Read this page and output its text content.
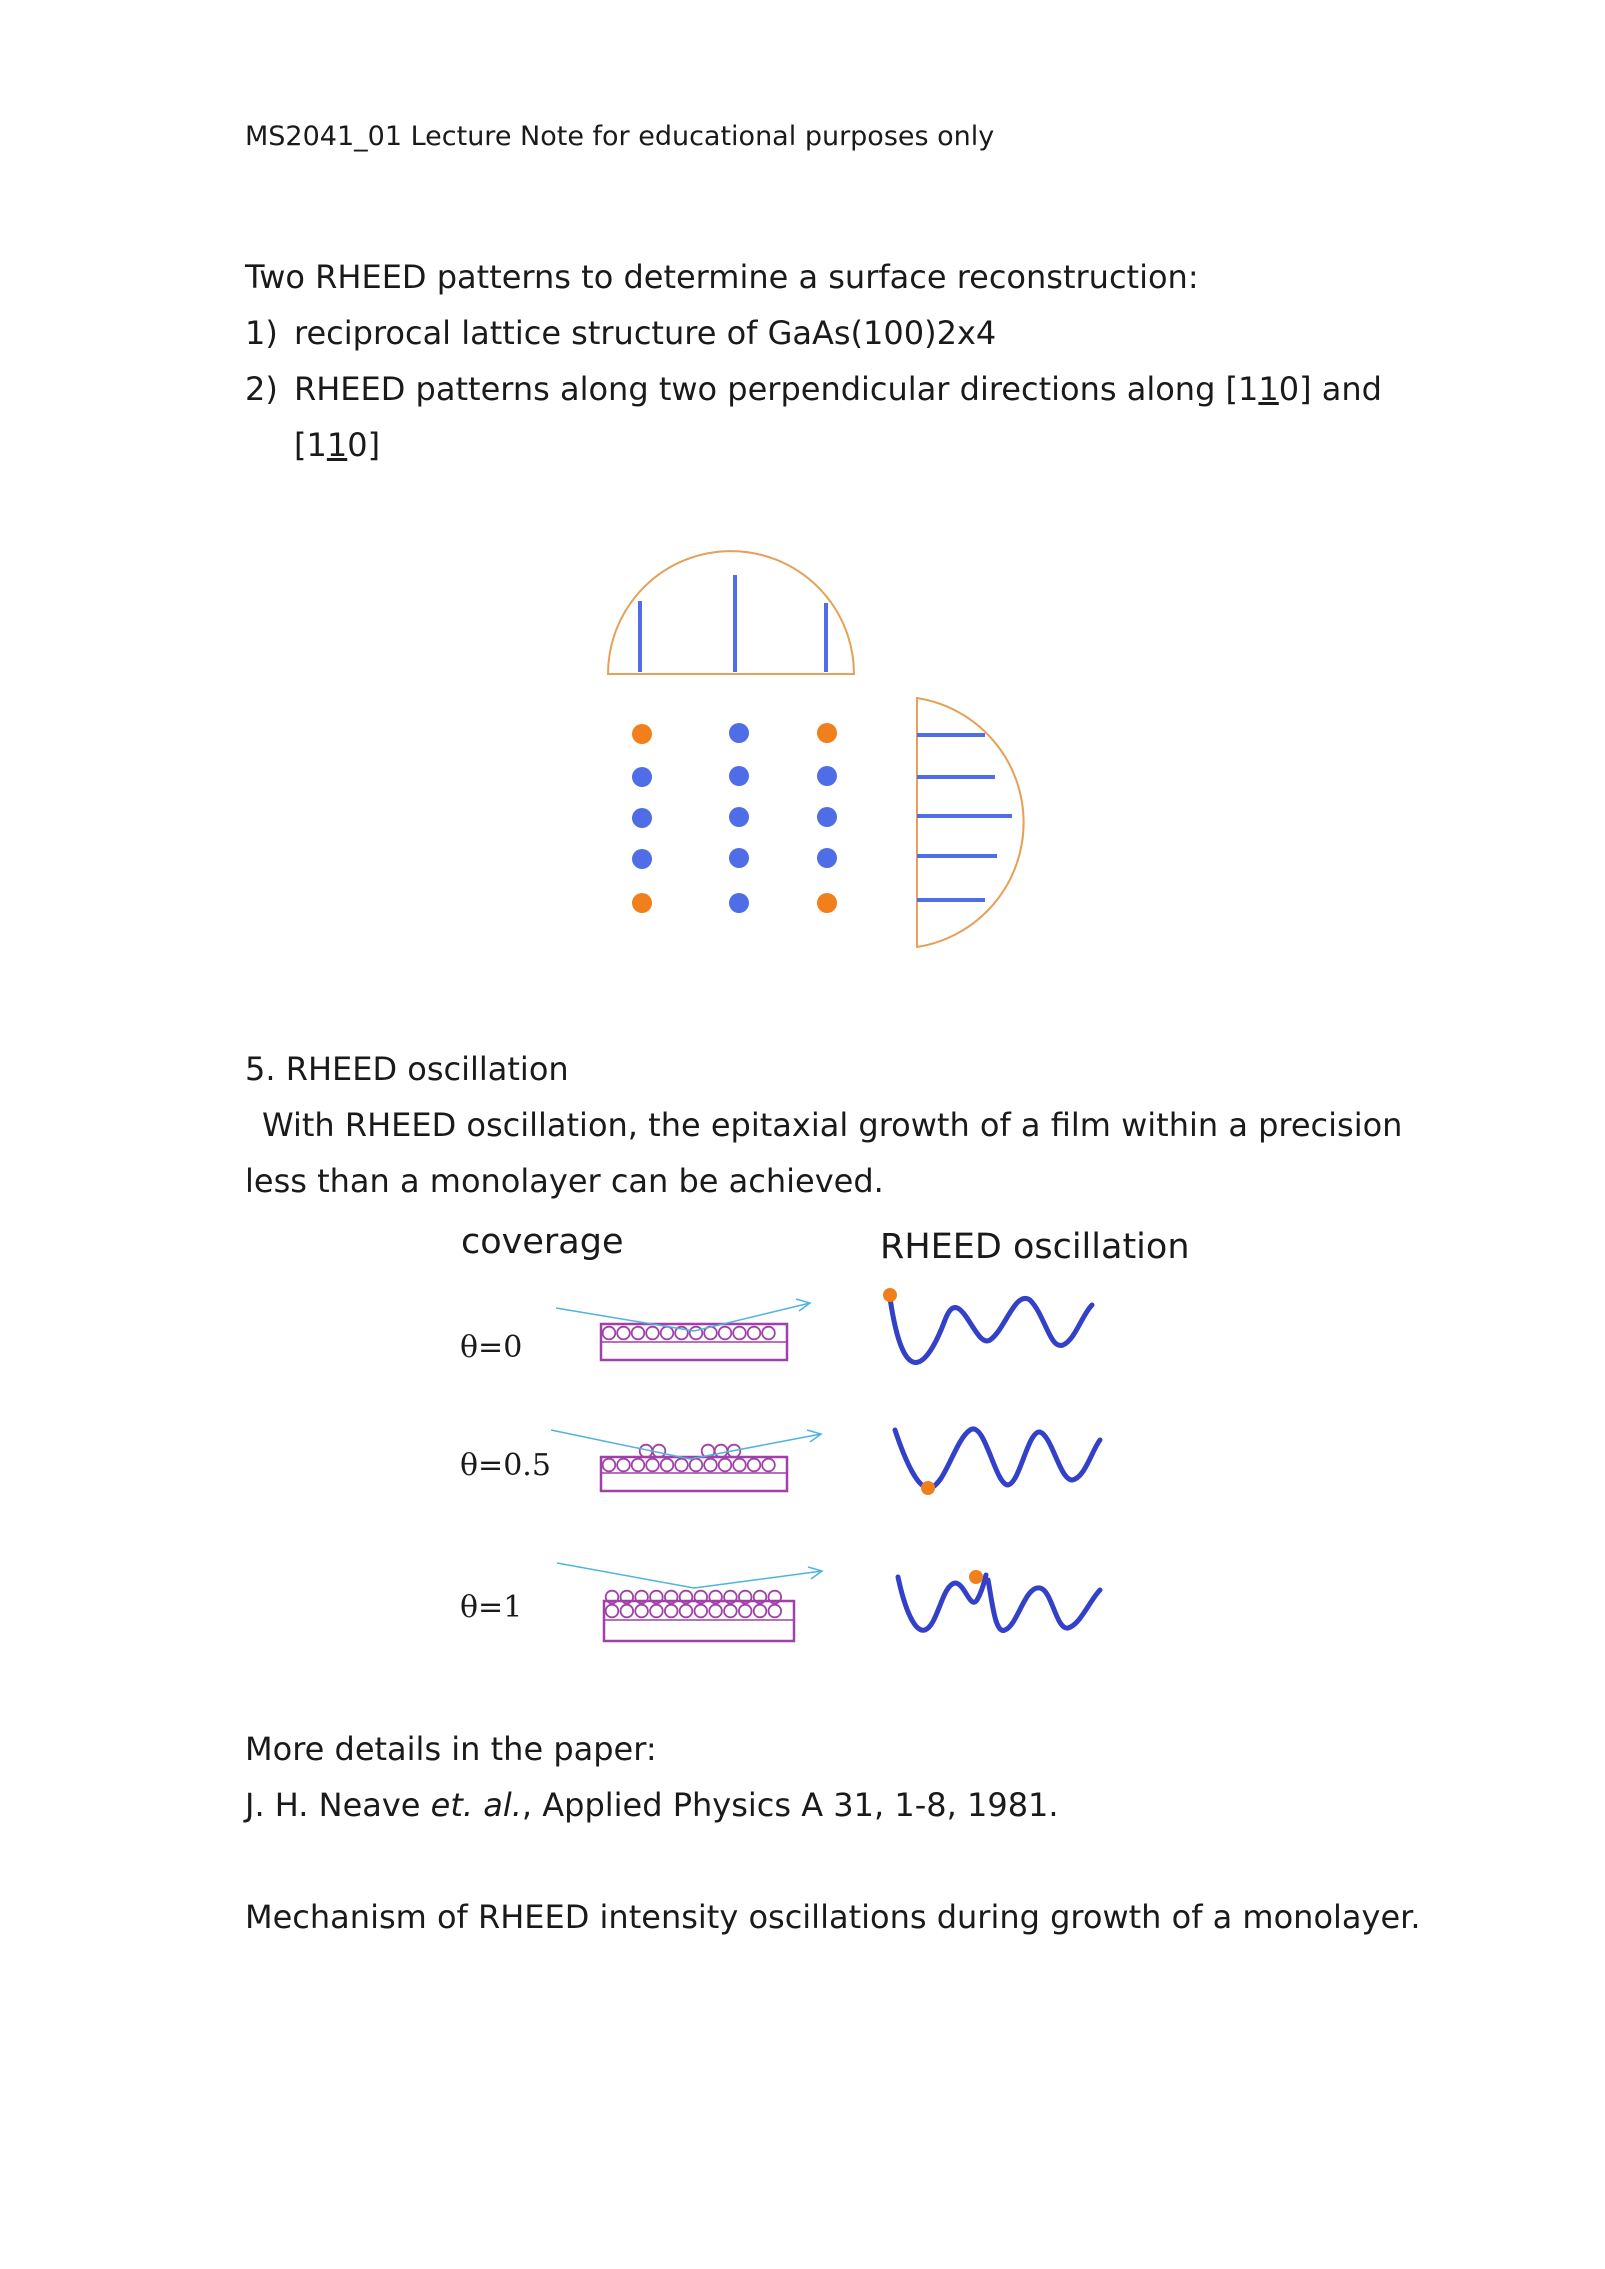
MS2041_01 Lecture Note for educational purposes only
Two RHEED patterns to determine a surface reconstruction:
1) reciprocal lattice structure of GaAs(100)2x4
2) RHEED patterns along two perpendicular directions along [110] and
[110]
5. RHEED oscillation
With RHEED oscillation, the epitaxial growth of a film within a precision
less than a monolayer can be achieved.
coverage	RHEED oscillation
θ=0
θ=0.5
θ=1
More details in the paper:
J. H. Neave et. al., Applied Physics A 31, 1-8, 1981.
Mechanism of RHEED intensity oscillations during growth of a monolayer.
